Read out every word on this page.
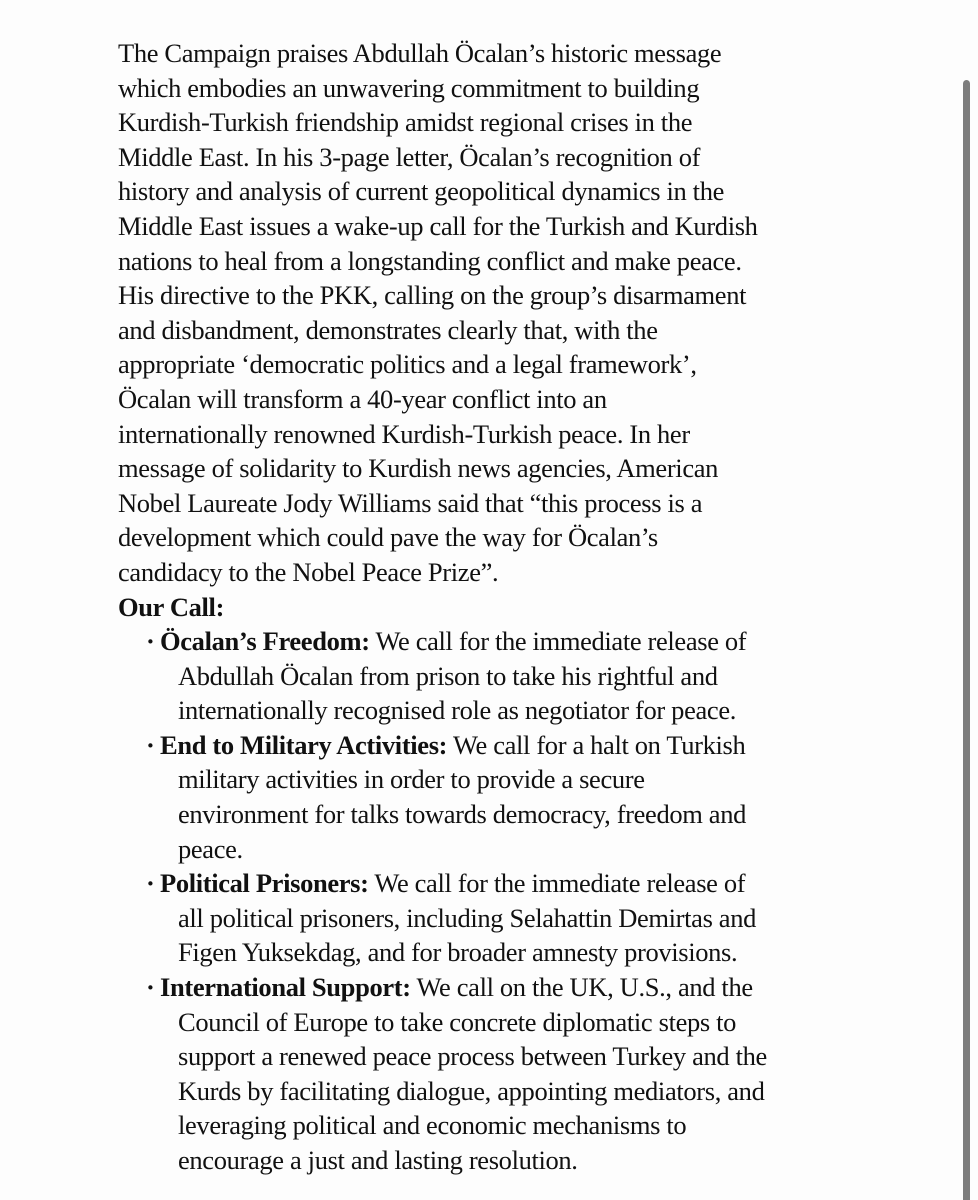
The Campaign praises Abdullah Öcalan’s historic message
which embodies an unwavering commitment to building
Kurdish-Turkish friendship amidst regional crises in the
Middle East. In his 3-page letter, Öcalan’s recognition of
history and analysis of current geopolitical dynamics in the
Middle East issues a wake-up call for the Turkish and Kurdish
nations to heal from a longstanding conflict and make peace.
His directive to the PKK, calling on the group’s disarmament
and disbandment, demonstrates clearly that, with the
appropriate ‘democratic politics and a legal framework’,
Öcalan will transform a 40-year conflict into an
internationally renowned Kurdish-Turkish peace. In her
message of solidarity to Kurdish news agencies, American
Nobel Laureate Jody Williams said that “this process is a
development which could pave the way for Öcalan’s
candidacy to the Nobel Peace Prize”.
Our Call:
· Öcalan’s Freedom: We call for the immediate release of
Abdullah Öcalan from prison to take his rightful and
internationally recognised role as negotiator for peace.
· End to Military Activities: We call for a halt on Turkish
military activities in order to provide a secure
environment for talks towards democracy, freedom and
peace.
· Political Prisoners: We call for the immediate release of
all political prisoners, including Selahattin Demirtas and
Figen Yuksekdag, and for broader amnesty provisions.
· International Support: We call on the UK, U.S., and the
Council of Europe to take concrete diplomatic steps to
support a renewed peace process between Turkey and the
Kurds by facilitating dialogue, appointing mediators, and
leveraging political and economic mechanisms to
encourage a just and lasting resolution.
